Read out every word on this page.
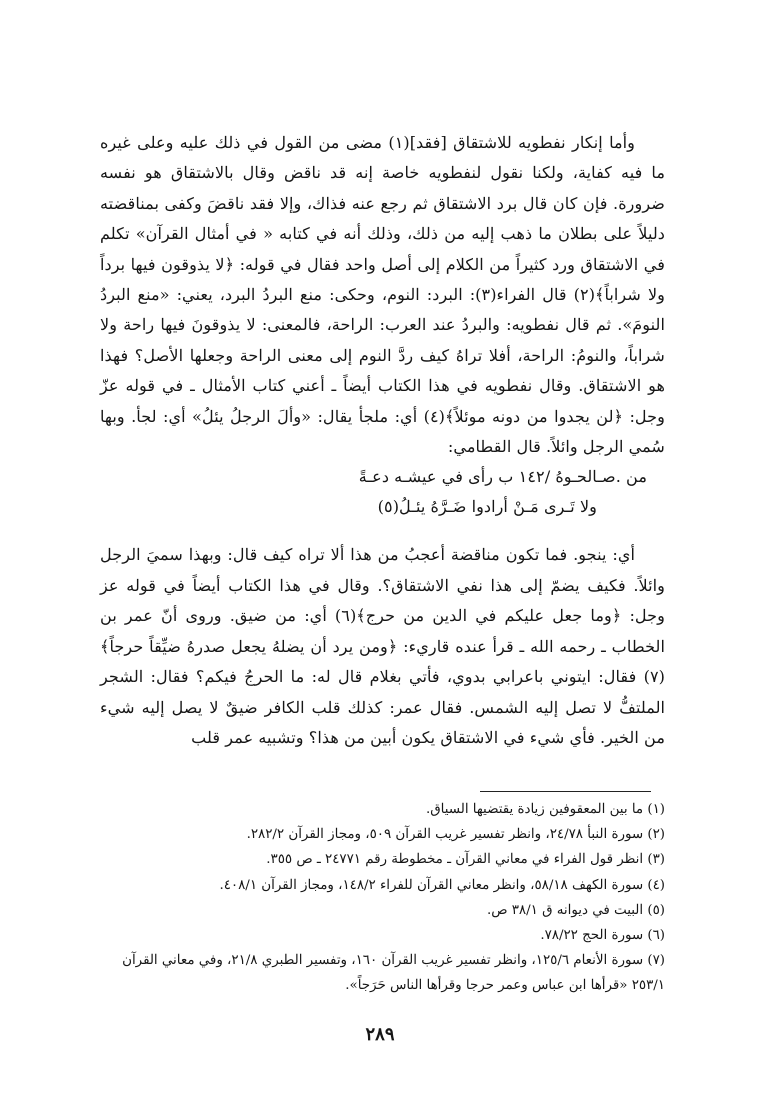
وأما إنكار نفطويه للاشتقاق [فقد](١) مضى من القول في ذلك عليه وعلى غيره ما فيه كفاية، ولكنا نقول لنفطويه خاصة إنه قد ناقض وقال بالاشتقاق هو نفسه ضرورة. فإن كان قال برد الاشتقاق ثم رجع عنه فذاك، وإلا فقد ناقضَ وكفى بمناقضته دليلاً على بطلان ما ذهب إليه من ذلك، وذلك أنه في كتابه « في أمثال القرآن» تكلم في الاشتقاق ورد كثيراً من الكلام إلى أصل واحد فقال في قوله: ﴿لا يذوقون فيها برداً ولا شراباً﴾(٢) قال الفراء(٣): البرد: النوم، وحكى: منع البردُ البرد، يعني: «منع البردُ النومَ». ثم قال نفطويه: والبردُ عند العرب: الراحة، فالمعنى: لا يذوقونَ فيها راحة ولا شراباً، والنومُ: الراحة، أفلا تراهُ كيف ردَّ النوم إلى معنى الراحة وجعلها الأصل؟ فهذا هو الاشتقاق. وقال نفطويه في هذا الكتاب أيضاً ـ أعني كتاب الأمثال ـ في قوله عزّ وجل: ﴿لن يجدوا من دونه موئلاً﴾(٤) أي: ملجأ يقال: «وألَ الرجلُ يئلُ» أي: لجأ. وبها سُمي الرجل وائلاً. قال القطامي:

من .صـالحـوهُ /١٤٢ ب رأى في عيشـه دعـةً
ولا تَـرى مَـنْ أرادوا ضَـرَّهُ يئـلُ(٥)

أي: ينجو. فما تكون مناقضة أعجبُ من هذا ألا تراه كيف قال: وبهذا سميَ الرجل وائلاً. فكيف يضمّ إلى هذا نفي الاشتقاق؟. وقال في هذا الكتاب أيضاً في قوله عز وجل: ﴿وما جعل عليكم في الدين من حرج﴾(٦) أي: من ضيق. وروى أنّ عمر بن الخطاب ـ رحمه الله ـ قرأ عنده قاريء: ﴿ومن يرد أن يضلهُ يجعل صدرهُ ضيِّقاً حرجاً﴾(٧) فقال: ايتوني باعرابي بدوي، فأتي بغلام قال له: ما الحرجُ فيكم؟ فقال: الشجر الملتفُّ لا تصل إليه الشمس. فقال عمر: كذلك قلب الكافر ضيقٌ لا يصل إليه شيء من الخير. فأي شيء في الاشتقاق يكون أبين من هذا؟ وتشبيه عمر قلب

(١) ما بين المعقوفين زيادة يقتضيها السياق.

(٢) سورة النبأ ٢٤/٧٨، وانظر تفسير غريب القرآن ٥٠٩، ومجاز القرآن ٢٨٢/٢.

(٣) انظر قول الفراء في معاني القرآن ـ مخطوطة رقم ٢٤٧٧١ ـ ص ٣٥٥.

(٤) سورة الكهف ٥٨/١٨، وانظر معاني القرآن للفراء ١٤٨/٢، ومجاز القرآن ٤٠٨/١.

(٥) البيت في ديوانه ق ٣٨/١ ص.

(٦) سورة الحج ٧٨/٢٢.

(٧) سورة الأنعام ١٢٥/٦، وانظر تفسير غريب القرآن ١٦٠، وتفسير الطبري ٢١/٨، وفي معاني القرآن ٢٥٣/١ «قرأها ابن عباس وعمر حرجا وقرأها الناس حَرَجاً».

٢٨٩
